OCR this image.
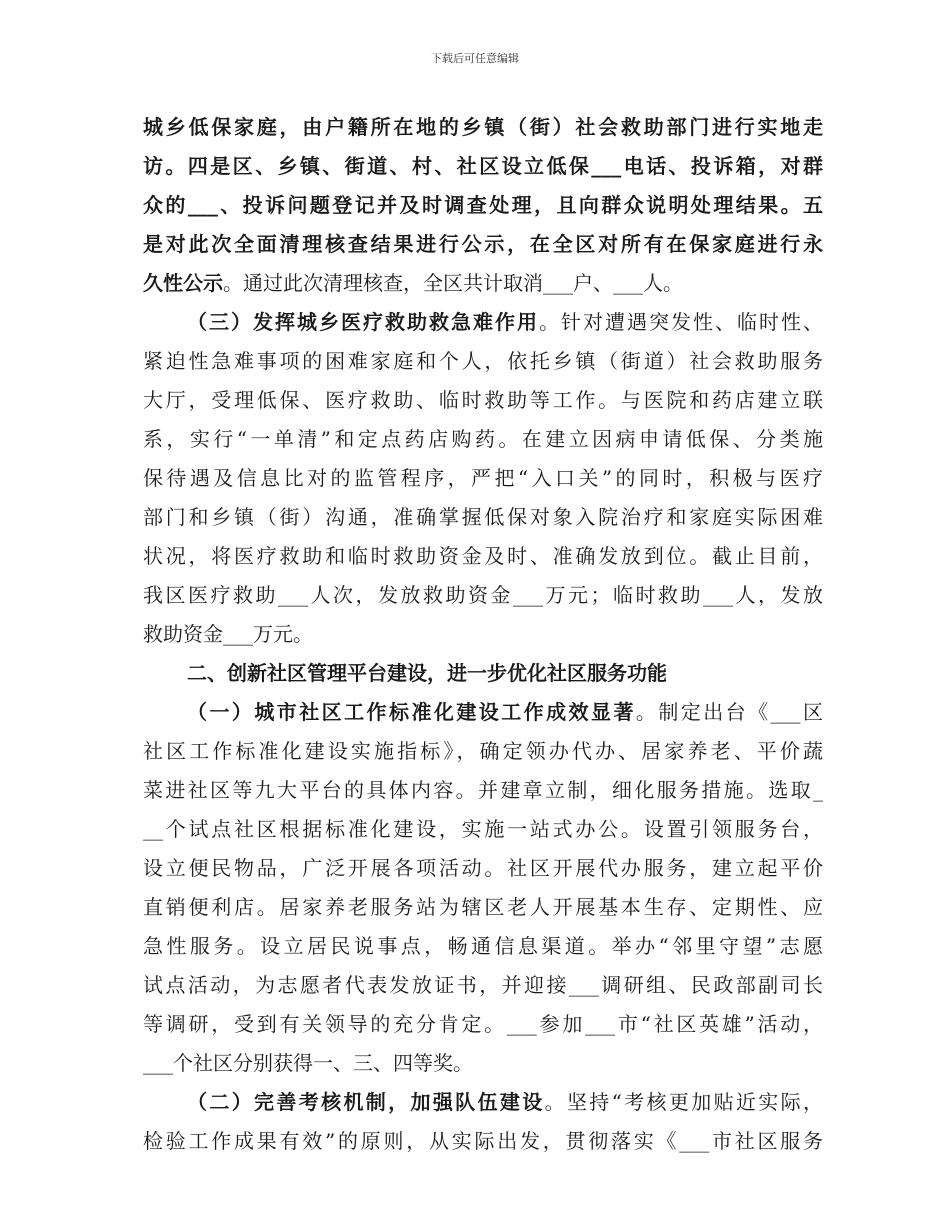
下载后可任意编辑
城乡低保家庭，由户籍所在地的乡镇（街）社会救助部门进行实地走
访。四是区、乡镇、街道、村、社区设立低保___电话、投诉箱，对群
众的___、投诉问题登记并及时调查处理，且向群众说明处理结果。五
是对此次全面清理核查结果进行公示，在全区对所有在保家庭进行永
久性公示。通过此次清理核查，全区共计取消___户、___人。
（三）发挥城乡医疗救助救急难作用。针对遭遇突发性、临时性、
紧迫性急难事项的困难家庭和个人，依托乡镇（街道）社会救助服务
大厅，受理低保、医疗救助、临时救助等工作。与医院和药店建立联
系，实行“一单清”和定点药店购药。在建立因病申请低保、分类施
保待遇及信息比对的监管程序，严把“入口关”的同时，积极与医疗
部门和乡镇（街）沟通，准确掌握低保对象入院治疗和家庭实际困难
状况，将医疗救助和临时救助资金及时、准确发放到位。截止目前，
我区医疗救助___人次，发放救助资金___万元；临时救助___人，发放
救助资金___万元。
二、创新社区管理平台建设，进一步优化社区服务功能
（一）城市社区工作标准化建设工作成效显著。制定出台《___区
社区工作标准化建设实施指标》，确定领办代办、居家养老、平价蔬
菜进社区等九大平台的具体内容。并建章立制，细化服务措施。选取_
__个试点社区根据标准化建设，实施一站式办公。设置引领服务台，
设立便民物品，广泛开展各项活动。社区开展代办服务，建立起平价
直销便利店。居家养老服务站为辖区老人开展基本生存、定期性、应
急性服务。设立居民说事点，畅通信息渠道。举办“邻里守望”志愿
试点活动，为志愿者代表发放证书，并迎接___调研组、民政部副司长
等调研，受到有关领导的充分肯定。___参加___市“社区英雄”活动，
___个社区分别获得一、三、四等奖。
（二）完善考核机制，加强队伍建设。坚持“考核更加贴近实际，
检验工作成果有效”的原则，从实际出发，贯彻落实《___市社区服务
